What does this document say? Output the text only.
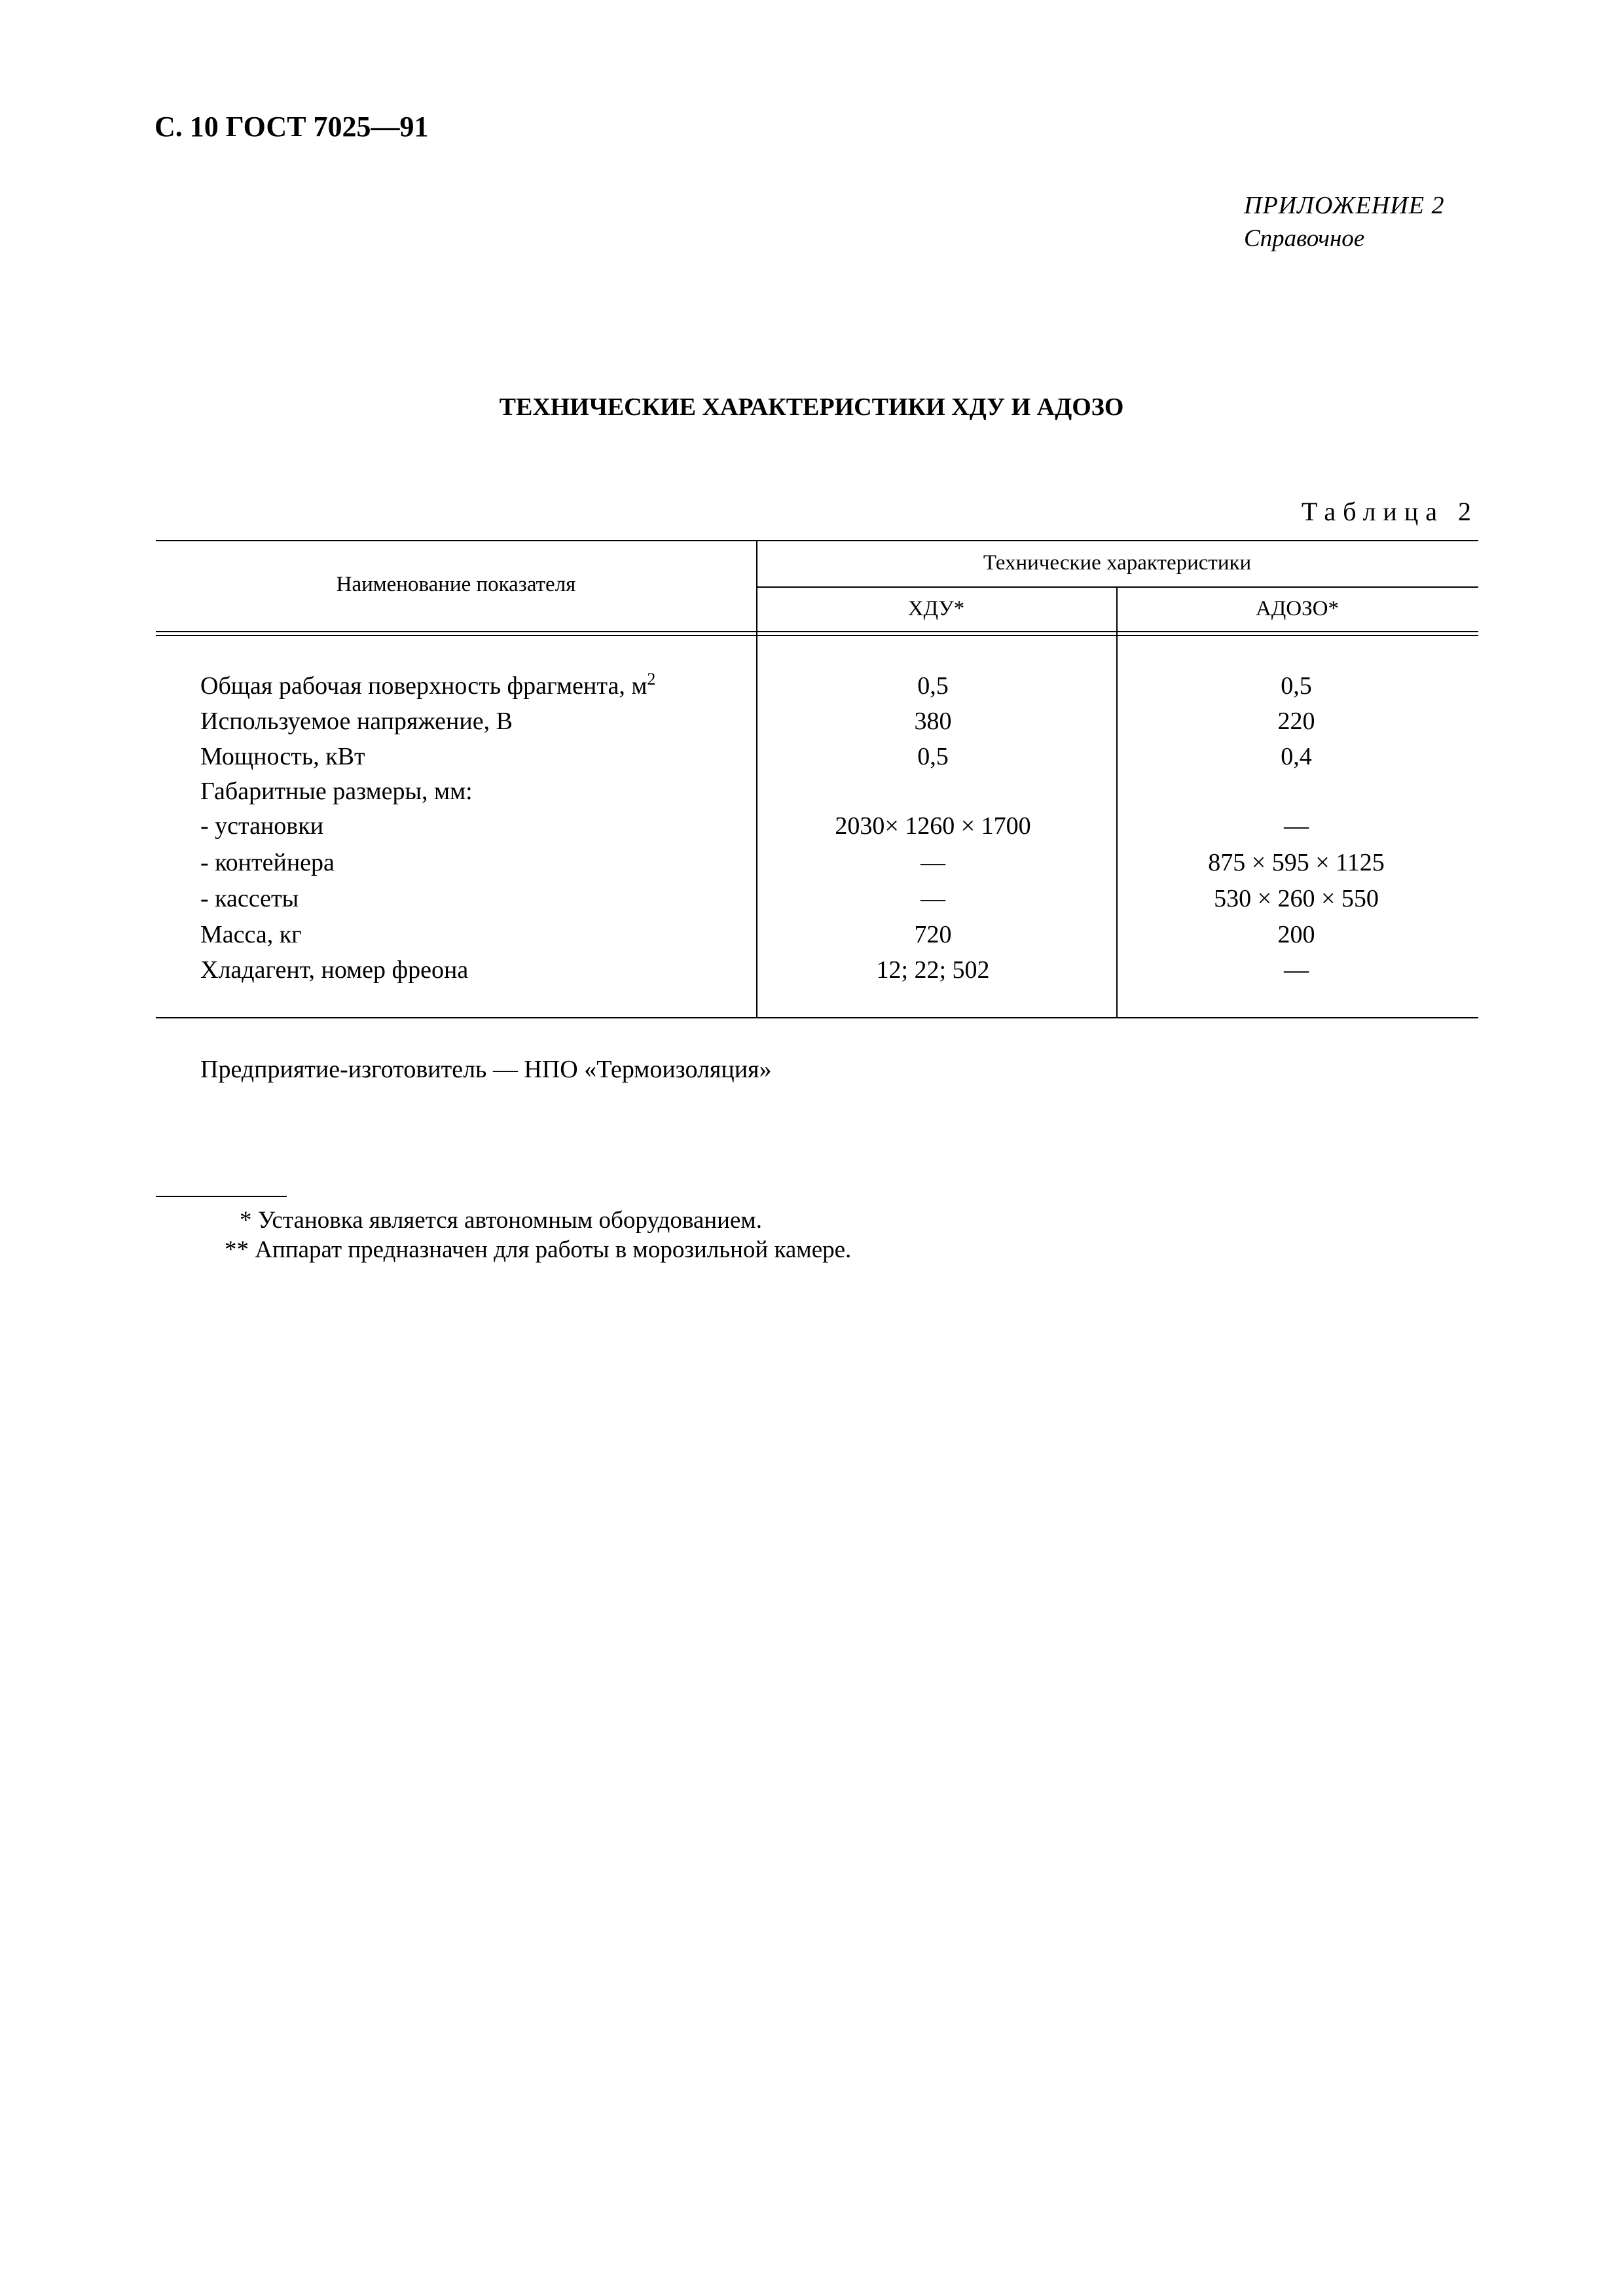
С. 10 ГОСТ 7025—91
ПРИЛОЖЕНИЕ 2
Справочное
ТЕХНИЧЕСКИЕ ХАРАКТЕРИСТИКИ ХДУ И АДОЗО
Таблица 2
Наименование показателя
Технические характеристики
ХДУ*	АДОЗО*
Общая рабочая поверхность фрагмента, $м^2$	0,5	0,5
Используемое напряжение, В	380	220
Мощность, кВт	0,5	0,4
Габаритные размеры, мм:
- установки	2030× 1260 × 1700	—
- контейнера	—	875 × 595 × 1125
- кассеты	—	530 × 260 × 550
Масса, кг	720	200
Хладагент, номер фреона	12; 22; 502	—
Предприятие-изготовитель — НПО «Термоизоляция»
* Установка является автономным оборудованием.
** Аппарат предназначен для работы в морозильной камере.
